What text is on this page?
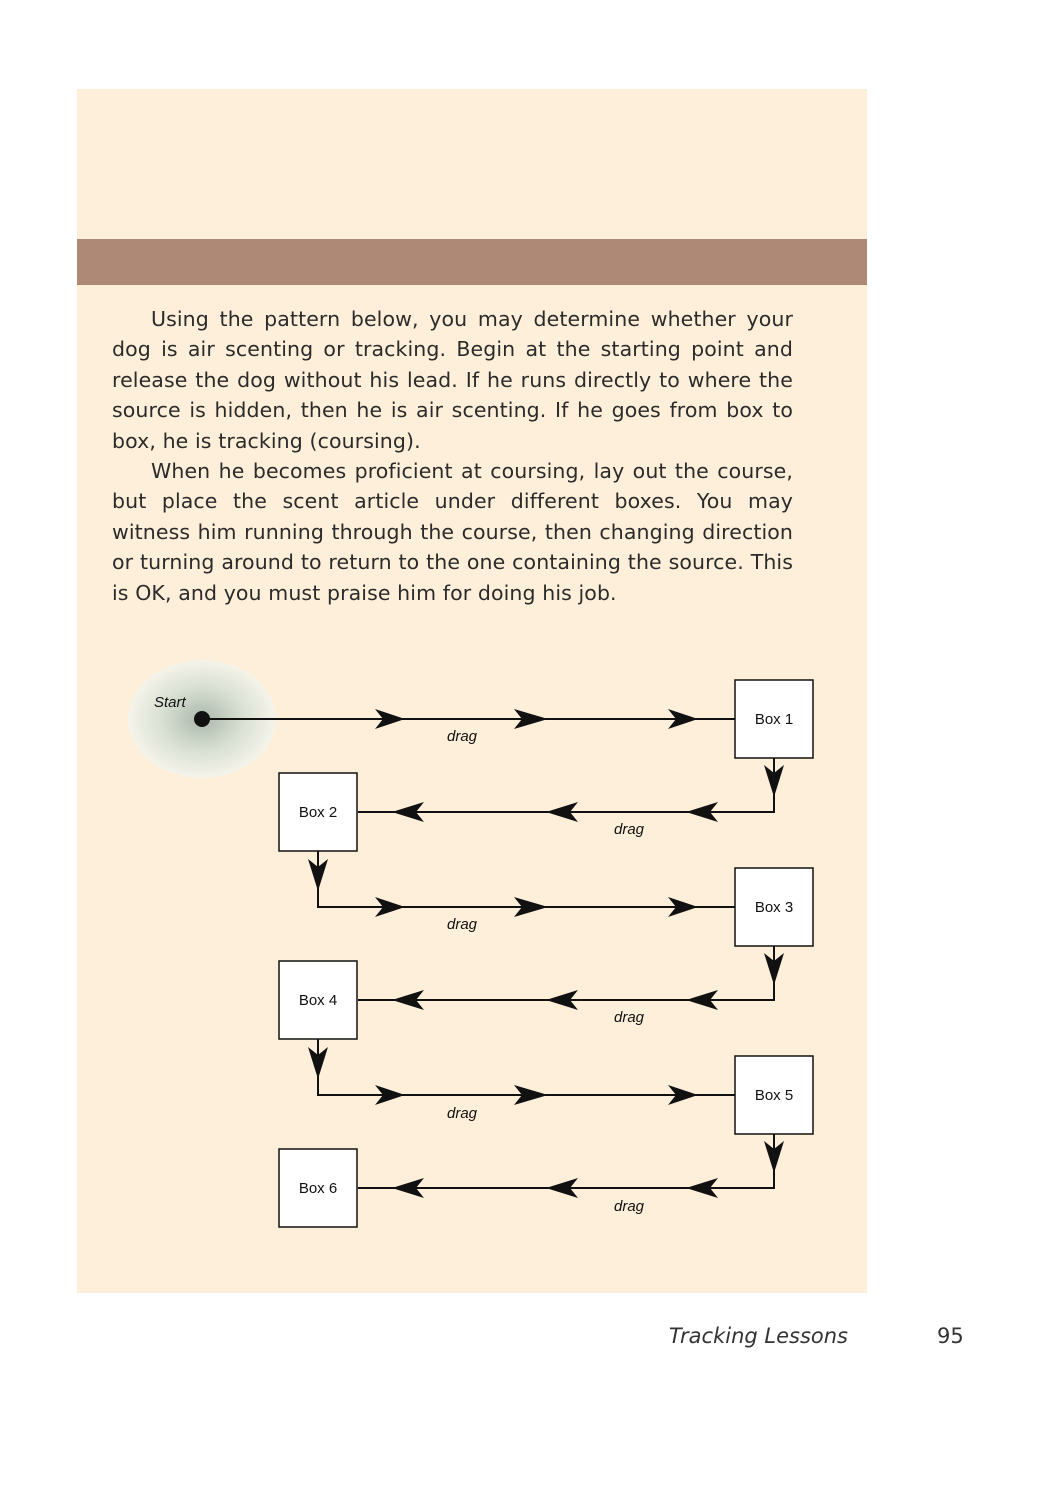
Using the pattern below, you may determine whether your dog is air scenting or tracking. Begin at the starting point and release the dog without his lead. If he runs directly to where the source is hidden, then he is air scenting. If he goes from box to box, he is tracking (coursing).

When he becomes proficient at coursing, lay out the course, but place the scent article under different boxes. You may witness him running through the course, then changing direction or turning around to return to the one containing the source. This is OK, and you must praise him for doing his job.

Start
Box 1
Box 2
Box 3
Box 4
Box 5
Box 6
drag
drag
drag
drag
drag
drag
Tracking Lessons	95
